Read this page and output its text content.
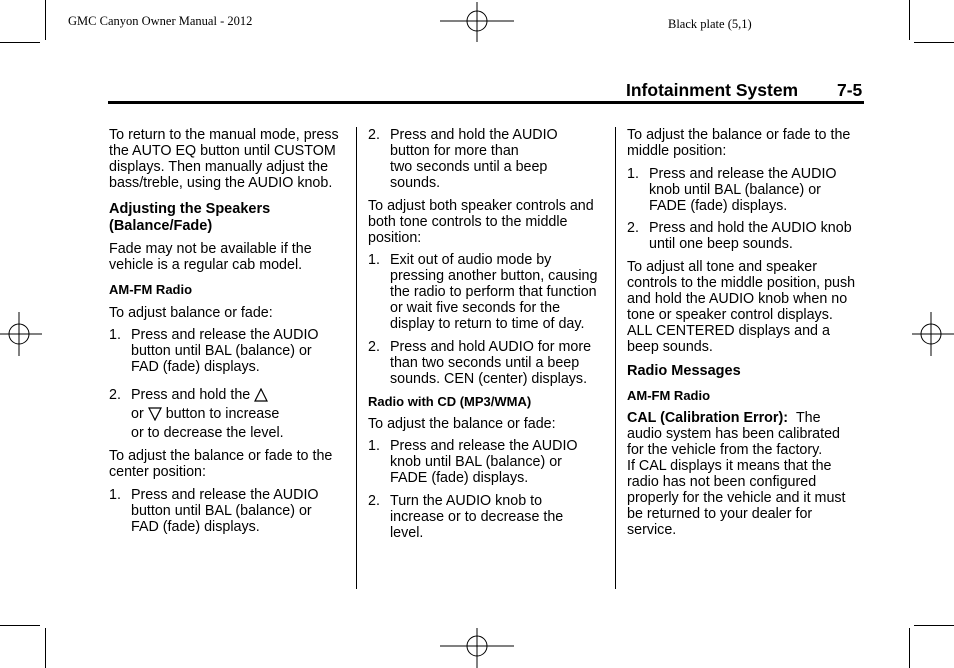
GMC Canyon Owner Manual - 2012	Black plate (5,1)
Infotainment System 7-5

To return to the manual mode, press
the AUTO EQ button until CUSTOM
displays. Then manually adjust the
bass/treble, using the AUDIO knob.

Adjusting the Speakers
(Balance/Fade)

Fade may not be available if the
vehicle is a regular cab model.

AM-FM Radio

To adjust balance or fade:

1. Press and release the AUDIO
button until BAL (balance) or
FAD (fade) displays.
2. Press and hold the
or button to increase
or to decrease the level.

To adjust the balance or fade to the
center position:

1. Press and release the AUDIO
button until BAL (balance) or
FAD (fade) displays.
2. Press and hold the AUDIO
button for more than
two seconds until a beep
sounds.

To adjust both speaker controls and
both tone controls to the middle
position:

1. Exit out of audio mode by
pressing another button, causing
the radio to perform that function
or wait five seconds for the
display to return to time of day.
2. Press and hold AUDIO for more
than two seconds until a beep
sounds. CEN (center) displays.

Radio with CD (MP3/WMA)

To adjust the balance or fade:

1. Press and release the AUDIO
knob until BAL (balance) or
FADE (fade) displays.
2. Turn the AUDIO knob to
increase or to decrease the
level.

To adjust the balance or fade to the
middle position:

1. Press and release the AUDIO
knob until BAL (balance) or
FADE (fade) displays.
2. Press and hold the AUDIO knob
until one beep sounds.

To adjust all tone and speaker
controls to the middle position, push
and hold the AUDIO knob when no
tone or speaker control displays.
ALL CENTERED displays and a
beep sounds.

Radio Messages

AM-FM Radio

CAL (Calibration Error): The
audio system has been calibrated
for the vehicle from the factory.
If CAL displays it means that the
radio has not been configured
properly for the vehicle and it must
be returned to your dealer for
service.
